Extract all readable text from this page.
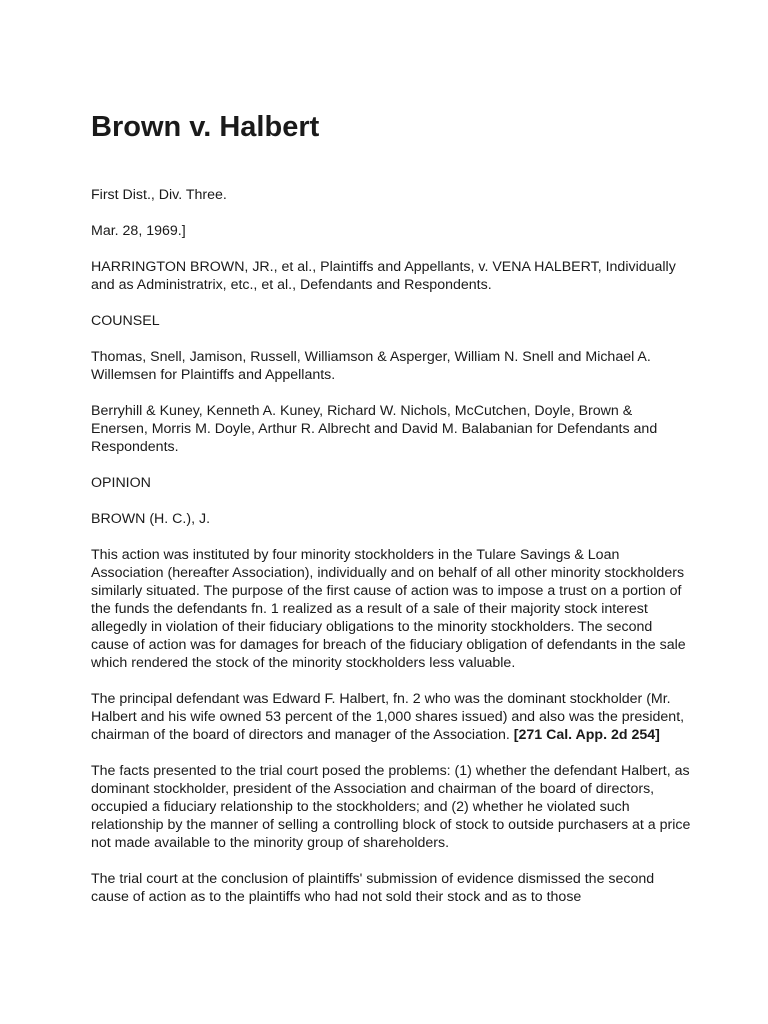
Brown v. Halbert

First Dist., Div. Three.

Mar. 28, 1969.]

HARRINGTON BROWN, JR., et al., Plaintiffs and Appellants, v. VENA HALBERT, Individually and as Administratrix, etc., et al., Defendants and Respondents.

COUNSEL

Thomas, Snell, Jamison, Russell, Williamson & Asperger, William N. Snell and Michael A. Willemsen for Plaintiffs and Appellants.

Berryhill & Kuney, Kenneth A. Kuney, Richard W. Nichols, McCutchen, Doyle, Brown & Enersen, Morris M. Doyle, Arthur R. Albrecht and David M. Balabanian for Defendants and Respondents.

OPINION

BROWN (H. C.), J.

This action was instituted by four minority stockholders in the Tulare Savings & Loan Association (hereafter Association), individually and on behalf of all other minority stockholders similarly situated. The purpose of the first cause of action was to impose a trust on a portion of the funds the defendants fn. 1 realized as a result of a sale of their majority stock interest allegedly in violation of their fiduciary obligations to the minority stockholders. The second cause of action was for damages for breach of the fiduciary obligation of defendants in the sale which rendered the stock of the minority stockholders less valuable.

The principal defendant was Edward F. Halbert, fn. 2 who was the dominant stockholder (Mr. Halbert and his wife owned 53 percent of the 1,000 shares issued) and also was the president, chairman of the board of directors and manager of the Association. [271 Cal. App. 2d 254]

The facts presented to the trial court posed the problems: (1) whether the defendant Halbert, as dominant stockholder, president of the Association and chairman of the board of directors, occupied a fiduciary relationship to the stockholders; and (2) whether he violated such relationship by the manner of selling a controlling block of stock to outside purchasers at a price not made available to the minority group of shareholders.

The trial court at the conclusion of plaintiffs' submission of evidence dismissed the second cause of action as to the plaintiffs who had not sold their stock and as to those
